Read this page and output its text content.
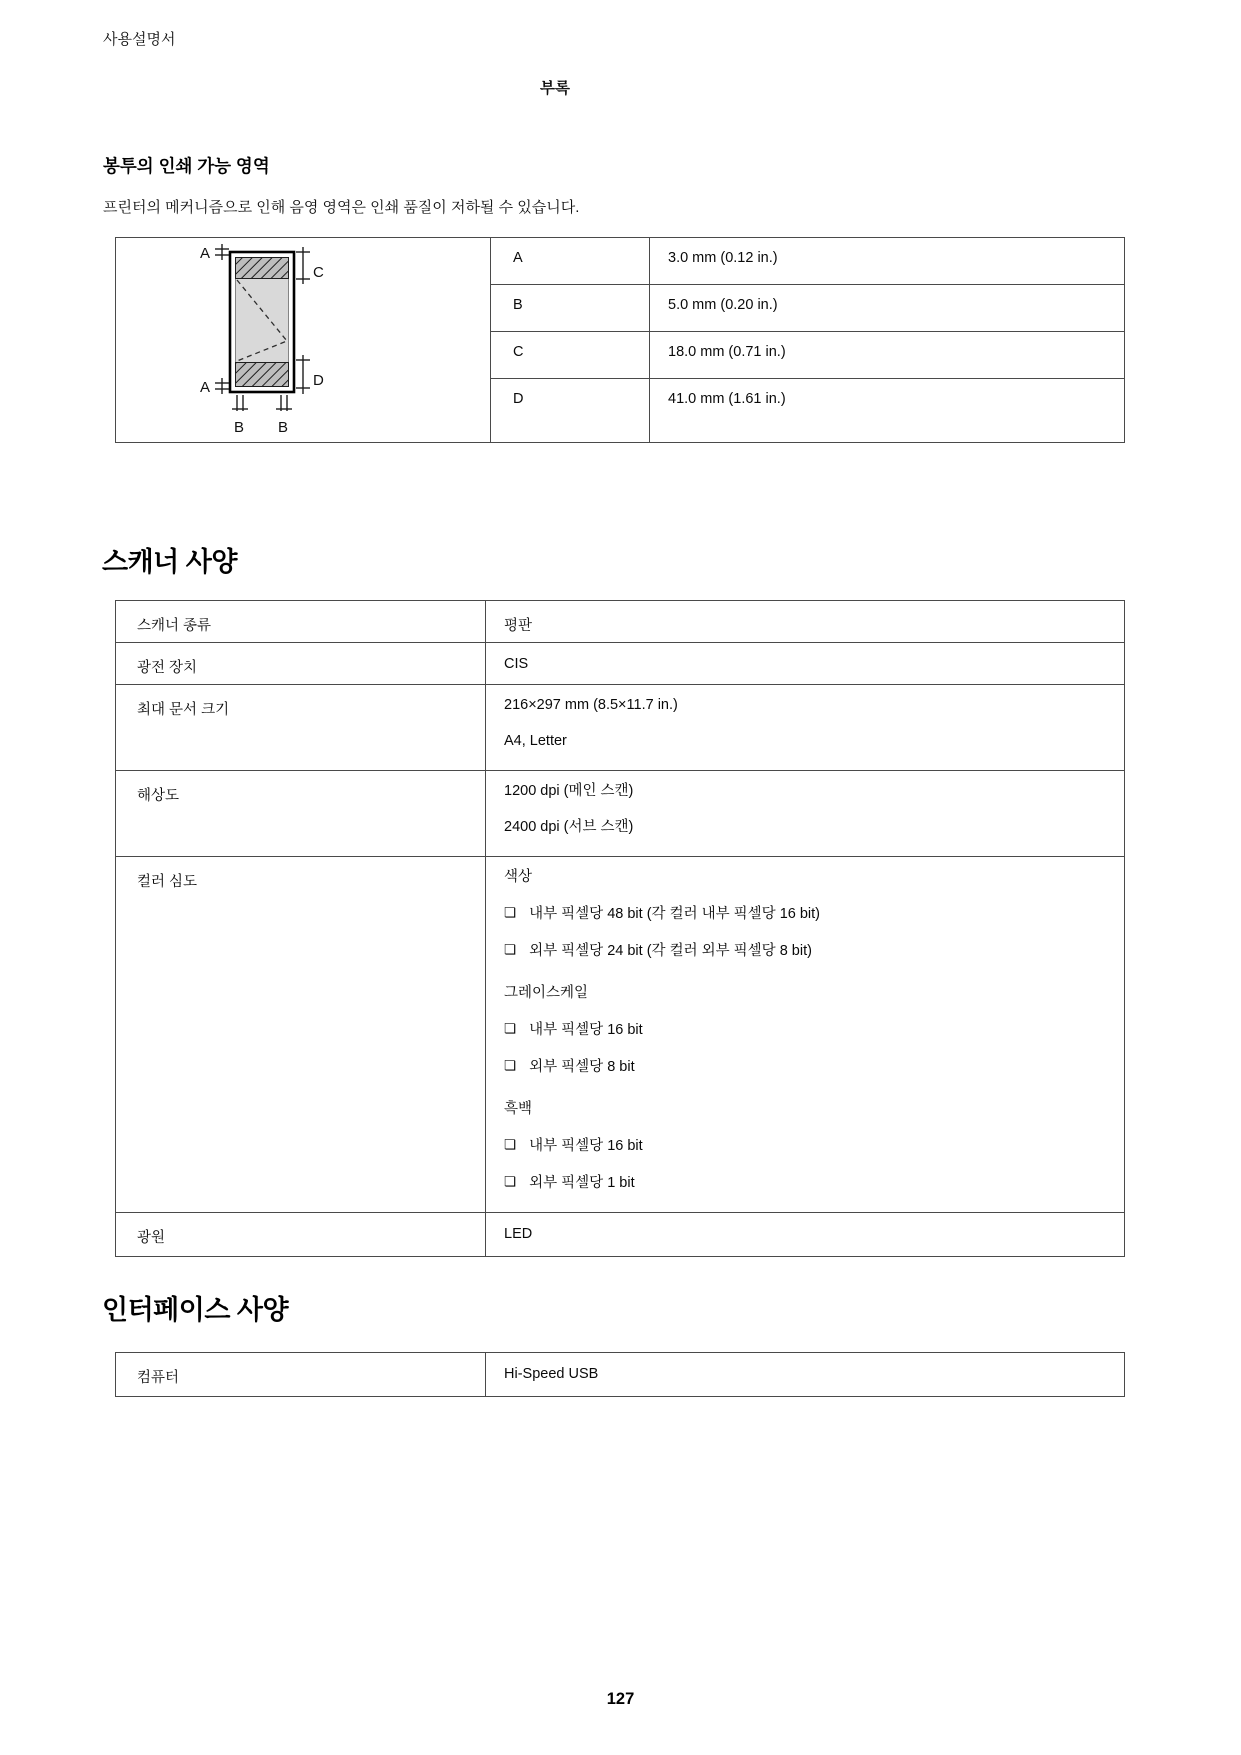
사용설명서
부록
봉투의 인쇄 가능 영역
프린터의 메커니즘으로 인해 음영 영역은 인쇄 품질이 저하될 수 있습니다.
A
C
D
A
B B
	A	3.0 mm (0.12 in.)
	B	5.0 mm (0.20 in.)
	C	18.0 mm (0.71 in.)
	D	41.0 mm (1.61 in.)
스캐너 사양
스캐너 종류	평판
광전 장치	CIS
최대 문서 크기	216×297 mm (8.5×11.7 in.)
A4, Letter

해상도	1200 dpi (메인 스캔)
2400 dpi (서브 스캔)

컬러 심도	색상
❏ 내부 픽셀당 48 bit (각 컬러 내부 픽셀당 16 bit)
❏ 외부 픽셀당 24 bit (각 컬러 외부 픽셀당 8 bit)
그레이스케일
❏ 내부 픽셀당 16 bit
❏ 외부 픽셀당 8 bit
흑백
❏ 내부 픽셀당 16 bit
❏ 외부 픽셀당 1 bit

광원	LED
인터페이스 사양
컴퓨터	Hi-Speed USB
127
